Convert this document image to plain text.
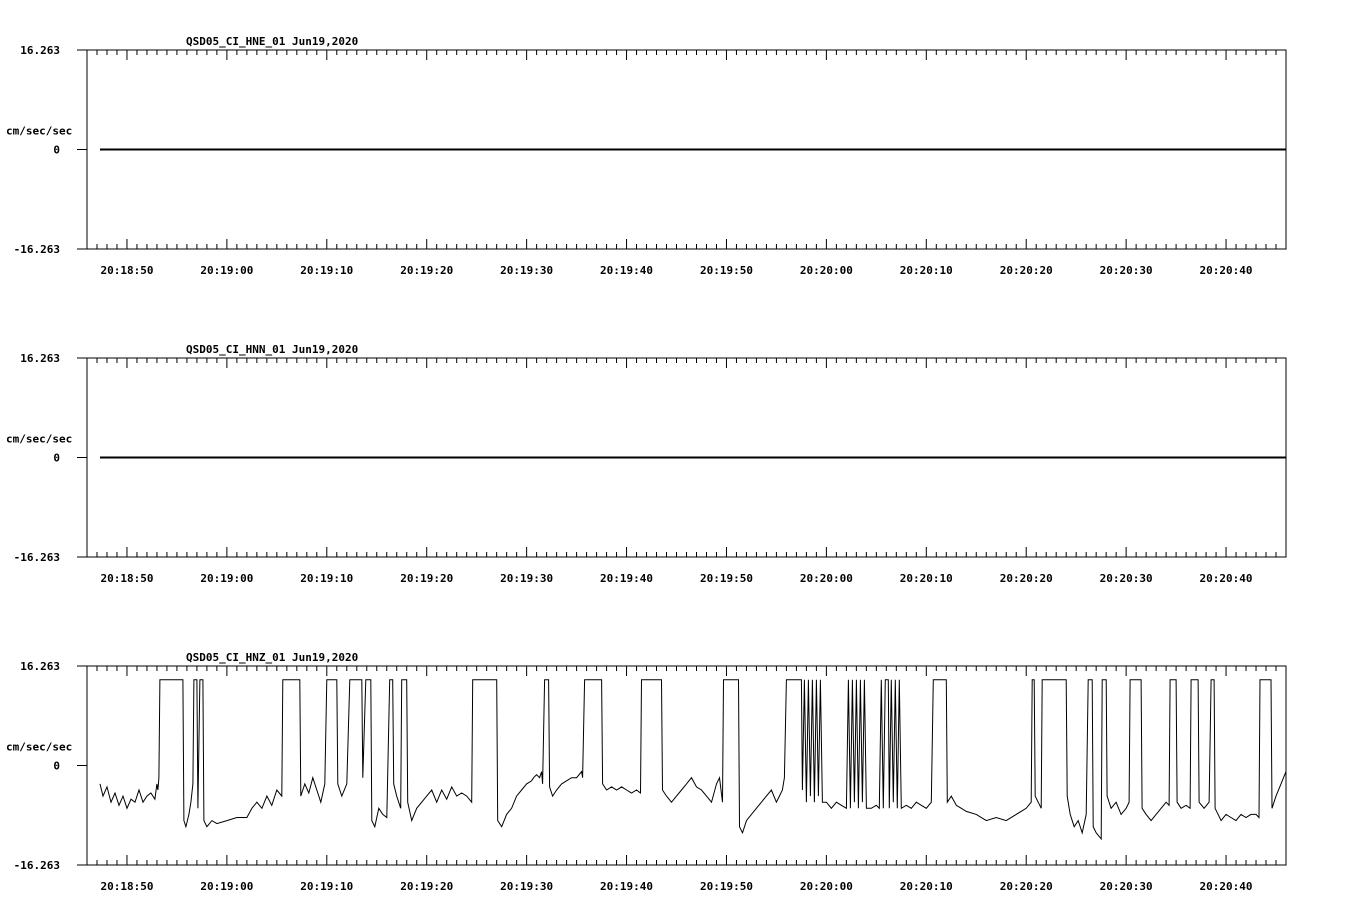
QSD05_CI_HNE_01 Jun19,2020
16.263
0
-16.263
cm/sec/sec
20:18:50	20:19:00	20:19:10	20:19:20	20:19:30	20:19:40	20:19:50	20:20:00	20:20:10	20:20:20	20:20:30	20:20:40
QSD05_CI_HNN_01 Jun19,2020
16.263
0
-16.263
cm/sec/sec
20:18:50	20:19:00	20:19:10	20:19:20	20:19:30	20:19:40	20:19:50	20:20:00	20:20:10	20:20:20	20:20:30	20:20:40
QSD05_CI_HNZ_01 Jun19,2020
16.263
0
-16.263
cm/sec/sec
20:18:50	20:19:00	20:19:10	20:19:20	20:19:30	20:19:40	20:19:50	20:20:00	20:20:10	20:20:20	20:20:30	20:20:40
